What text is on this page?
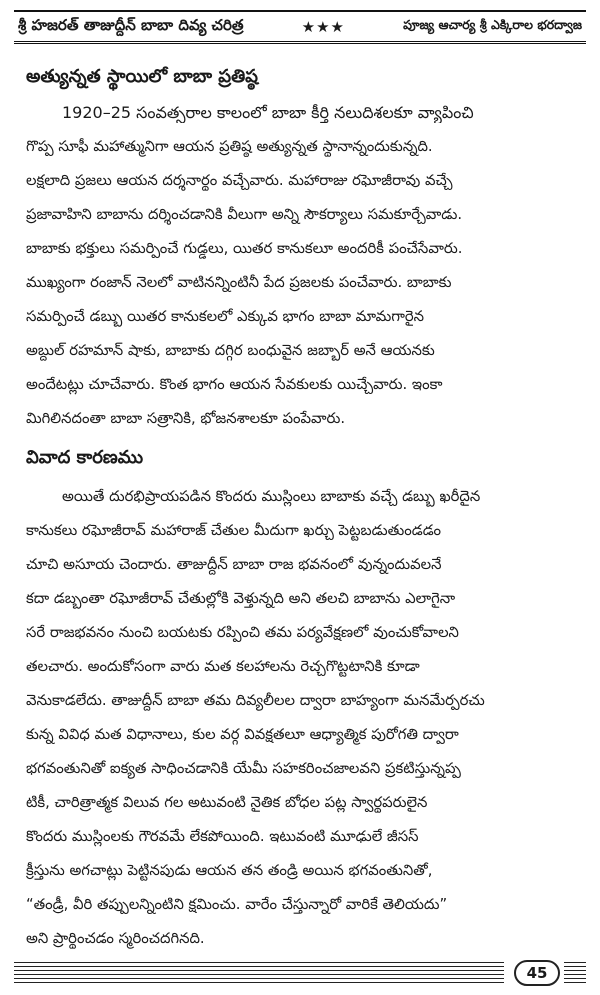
శ్రీ హజరత్ తాజుద్దీన్ బాబా దివ్య చరిత్ర	★★★	పూజ్య ఆచార్య శ్రీ ఎక్కిరాల భరద్వాజ
అత్యున్నత స్థాయిలో బాబా ప్రతిష్ఠ
1920–25 సంవత్సరాల కాలంలో బాబా కీర్తి నలుదిశలకూ వ్యాపించి
గొప్ప సూఫీ మహాత్మునిగా ఆయన ప్రతిష్ఠ అత్యున్నత స్థానాన్నందుకున్నది.
లక్షలాది ప్రజలు ఆయన దర్శనార్థం వచ్చేవారు. మహారాజు రఘోజీరావు వచ్చే
ప్రజావాహిని బాబాను దర్శించడానికి వీలుగా అన్ని సౌకర్యాలు సమకూర్చేవాడు.
బాబాకు భక్తులు సమర్పించే గుడ్డలు, యితర కానుకలూ అందరికీ పంచేసేవారు.
ముఖ్యంగా రంజాన్ నెలలో వాటినన్నింటినీ పేద ప్రజలకు పంచేవారు. బాబాకు
సమర్పించే డబ్బు యితర కానుకలలో ఎక్కువ భాగం బాబా మామగారైన
అబ్దుల్ రహమాన్ షాకు, బాబాకు దగ్గిర బంధువైన జబ్బార్ అనే ఆయనకు
అందేటట్లు చూచేవారు. కొంత భాగం ఆయన సేవకులకు యిచ్చేవారు. ఇంకా
మిగిలినదంతా బాబా సత్రానికి, భోజనశాలకూ పంపేవారు.
వివాద కారణము
అయితే దురభిప్రాయపడిన కొందరు ముస్లింలు బాబాకు వచ్చే డబ్బు ఖరీదైన
కానుకలు రఘోజీరావ్ మహారాజ్ చేతుల మీదుగా ఖర్చు పెట్టబడుతుండడం
చూచి అసూయ చెందారు. తాజుద్దీన్ బాబా రాజ భవనంలో వున్నందువలనే
కదా డబ్బంతా రఘోజీరావ్ చేతుల్లోకి వెళ్తున్నది అని తలచి బాబాను ఎలాగైనా
సరే రాజభవనం నుంచి బయటకు రప్పించి తమ పర్యవేక్షణలో వుంచుకోవాలని
తలచారు. అందుకోసంగా వారు మత కలహాలను రెచ్చగొట్టటానికి కూడా
వెనుకాడలేదు. తాజుద్దీన్ బాబా తమ దివ్యలీలల ద్వారా బాహ్యంగా మనమేర్పరచు
కున్న వివిధ మత విధానాలు, కుల వర్గ వివక్షతలూ ఆధ్యాత్మిక పురోగతి ద్వారా
భగవంతునితో ఐక్యత సాధించడానికి యేమీ సహకరించజాలవని ప్రకటిస్తున్నప్ప
టికీ, చారిత్రాత్మక విలువ గల అటువంటి నైతిక బోధల పట్ల స్వార్థపరులైన
కొందరు ముస్లింలకు గౌరవమే లేకపోయింది. ఇటువంటి మూఢులే జీసస్
క్రీస్తును అగచాట్లు పెట్టినపుడు ఆయన తన తండ్రి అయిన భగవంతునితో,
“తండ్రీ, వీరి తప్పులన్నింటిని క్షమించు. వారేం చేస్తున్నారో వారికే తెలియదు”
అని ప్రార్థించడం స్మరించదగినది.
45
